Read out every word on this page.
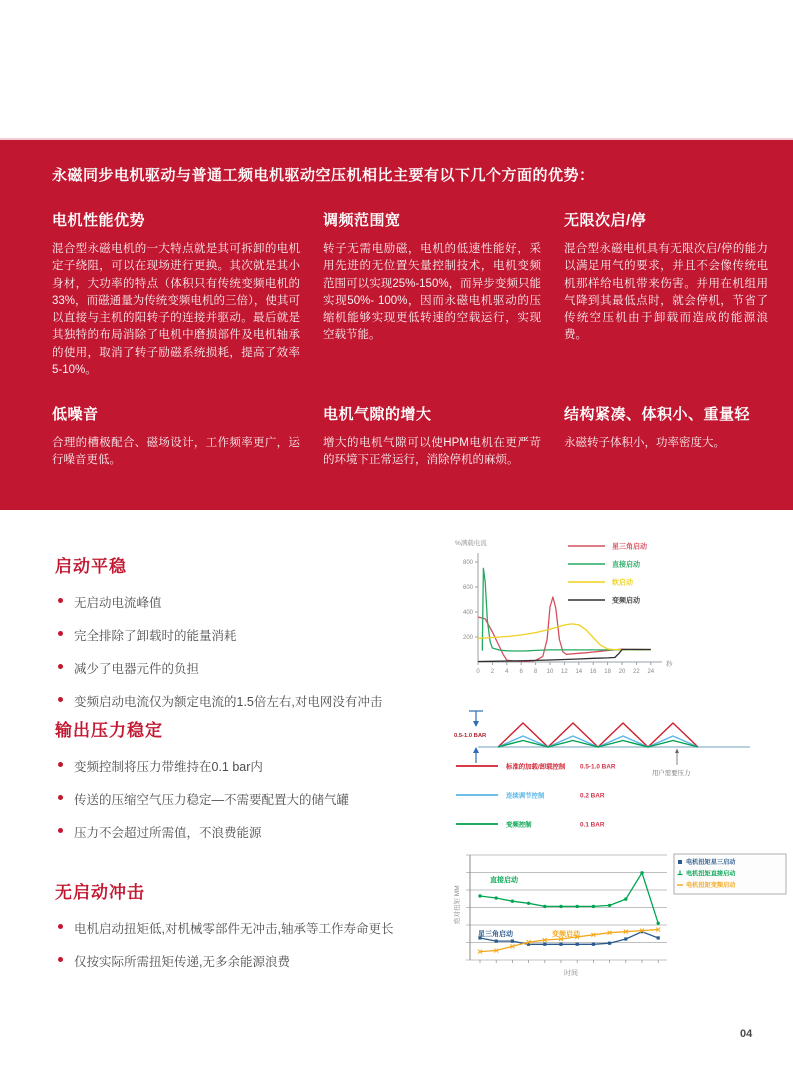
永磁同步电机驱动与普通工频电机驱动空压机相比主要有以下几个方面的优势：
电机性能优势

混合型永磁电机的一大特点就是其可拆卸的电机定子绕阻，可以在现场进行更换。其次就是其小身材，大功率的特点（体积只有传统变频电机的33%，而磁通量为传统变频电机的三倍），使其可以直接与主机的阳转子的连接并驱动。最后就是其独特的布局消除了电机中磨损部件及电机轴承的使用，取消了转子励磁系统损耗，提高了效率5-10%。

调频范围宽

转子无需电励磁，电机的低速性能好，采用先进的无位置矢量控制技术，电机变频范围可以实现25%-150%，而异步变频只能实现50%- 100%，因而永磁电机驱动的压缩机能够实现更低转速的空载运行，实现空载节能。

无限次启/停

混合型永磁电机具有无限次启/停的能力以满足用气的要求，并且不会像传统电机那样给电机带来伤害。并用在机组用气降到其最低点时，就会停机，节省了传统空压机由于卸载而造成的能源浪费。

低噪音

合理的槽极配合、磁场设计，工作频率更广，运行噪音更低。

电机气隙的增大

增大的电机气隙可以使HPM电机在更严苛的环境下正常运行，消除停机的麻烦。

结构紧凑、体积小、重量轻

永磁转子体积小，功率密度大。

启动平稳
无启动电流峰值
完全排除了卸载时的能量消耗
减少了电器元件的负担
变频启动电流仅为额定电流的1.5倍左右,对电网没有冲击
%满载电流
200
400
600
800
0 2 4 6 8 10 12 14 16 18 20 22 24
秒
星三角启动
直接启动
软启动
变频启动
输出压力稳定
变频控制将压力带维持在0.1 bar内
传送的压缩空气压力稳定—不需要配置大的储气罐
压力不会超过所需值，不浪费能源
0.5-1.0 BAR
用户需要压力
标准的加载/卸载控制 0.5-1.0 BAR
连续调节控制	0.2 BAR
变频控制	0.1 BAR
无启动冲击
电机启动扭矩低,对机械零部件无冲击,轴承等工作寿命更长
仅按实际所需扭矩传递,无多余能源浪费
直接启动
星三角启动	变频启动
时间
绝对扭矩 MM
电机扭矩星三启动
电机扭矩直接启动
电机扭矩变频启动
04
